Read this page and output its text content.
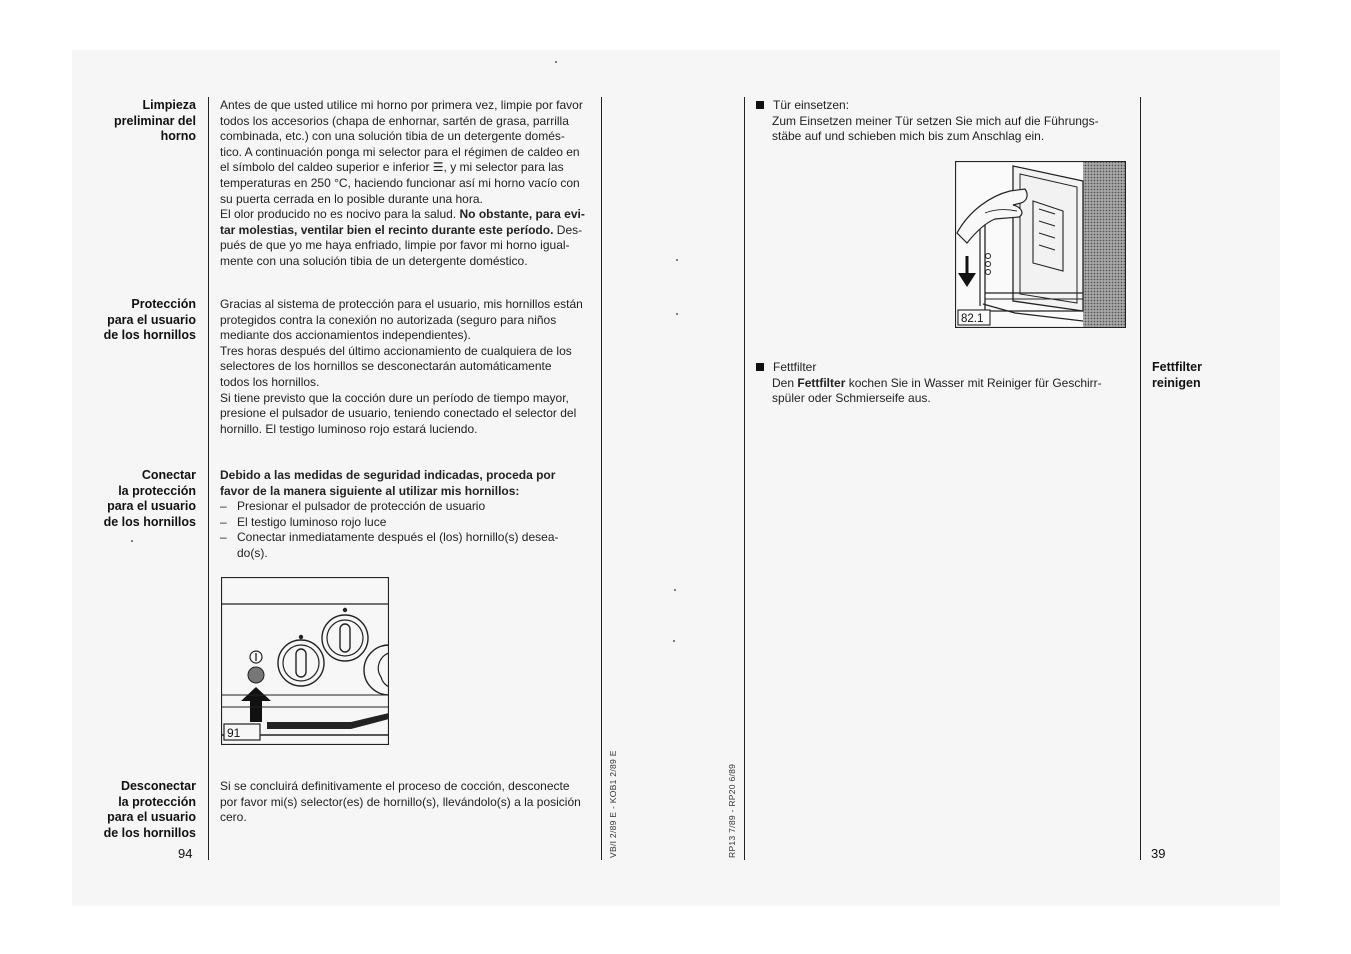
Limpieza
preliminar del
horno
Antes de que usted utilice mi horno por primera vez, limpie por favor
todos los accesorios (chapa de enhornar, sartén de grasa, parrilla
combinada, etc.) con una solución tibia de un detergente domés-
tico. A continuación ponga mi selector para el régimen de caldeo en
el símbolo del caldeo superior e inferior ☰, y mi selector para las
temperaturas en 250 °C, haciendo funcionar así mi horno vacío con
su puerta cerrada en lo posible durante una hora.
El olor producido no es nocivo para la salud. No obstante, para evi-
tar molestias, ventilar bien el recinto durante este período. Des-
pués de que yo me haya enfriado, limpie por favor mi horno igual-
mente con una solución tibia de un detergente doméstico.
Protección
para el usuario
de los hornillos
Gracias al sistema de protección para el usuario, mis hornillos están
protegidos contra la conexión no autorizada (seguro para niños
mediante dos accionamientos independientes).
Tres horas después del último accionamiento de cualquiera de los
selectores de los hornillos se desconectarán automáticamente
todos los hornillos.
Si tiene previsto que la cocción dure un período de tiempo mayor,
presione el pulsador de usuario, teniendo conectado el selector del
hornillo. El testigo luminoso rojo estará luciendo.
Conectar
la protección
para el usuario
de los hornillos
Debido a las medidas de seguridad indicadas, proceda por
favor de la manera siguiente al utilizar mis hornillos:
– Presionar el pulsador de protección de usuario
– El testigo luminoso rojo luce
– Conectar inmediatamente después el (los) hornillo(s) desea-
do(s).
91
Desconectar
la protección
para el usuario
de los hornillos
Si se concluirá definitivamente el proceso de cocción, desconecte
por favor mi(s) selector(es) de hornillo(s), llevándolo(s) a la posición
cero.
94	VB/I 2/89 E - KOB1 2/89 E	RP13 7/89 - RP20 6/89
Tür einsetzen:
Zum Einsetzen meiner Tür setzen Sie mich auf die Führungs-
stäbe auf und schieben mich bis zum Anschlag ein.
82.1
Fettfilter
Den Fettfilter kochen Sie in Wasser mit Reiniger für Geschirr-
spüler oder Schmierseife aus.
Fettfilter
reinigen
39
